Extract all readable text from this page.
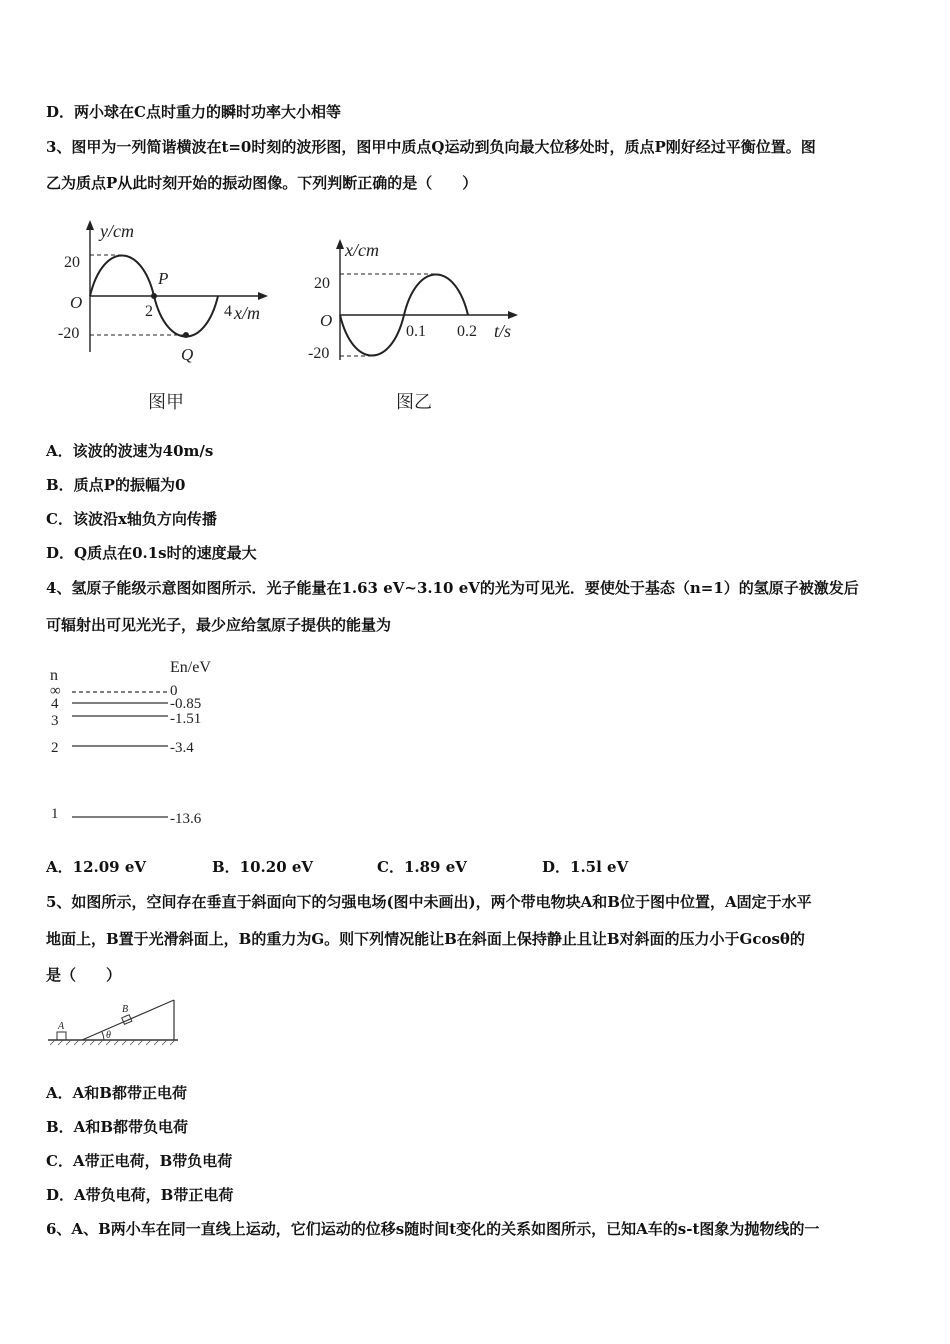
D．两小球在C点时重力的瞬时功率大小相等
3、图甲为一列简谐横波在t=0时刻的波形图，图甲中质点Q运动到负向最大位移处时，质点P刚好经过平衡位置。图
乙为质点P从此时刻开始的振动图像。下列判断正确的是（　　）
y/cm
x/m
20
-20
O	2	4
P
Q
图甲
x/cm
t/s
20
-20
O
0.1 0.2
图乙
A．该波的波速为40m/s
B．质点P的振幅为0
C．该波沿x轴负方向传播
D．Q质点在0.1s时的速度最大
4、氢原子能级示意图如图所示．光子能量在1.63 eV~3.10 eV的光为可见光．要使处于基态（n=1）的氢原子被激发后
可辐射出可见光光子，最少应给氢原子提供的能量为
n	En/eV
∞
4
3
2
1
0
-0.85
-1.51
-3.4
-13.6
A．12.09 eV	B．10.20 eV	C．1.89 eV	D．1.5l eV
5、如图所示，空间存在垂直于斜面向下的匀强电场(图中未画出)，两个带电物块A和B位于图中位置，A固定于水平
地面上，B置于光滑斜面上，B的重力为G。则下列情况能让B在斜面上保持静止且让B对斜面的压力小于Gcosθ的
是（　　）
A
B
θ
A．A和B都带正电荷
B．A和B都带负电荷
C．A带正电荷，B带负电荷
D．A带负电荷，B带正电荷
6、A、B两小车在同一直线上运动，它们运动的位移s随时间t变化的关系如图所示，已知A车的s-t图象为抛物线的一
